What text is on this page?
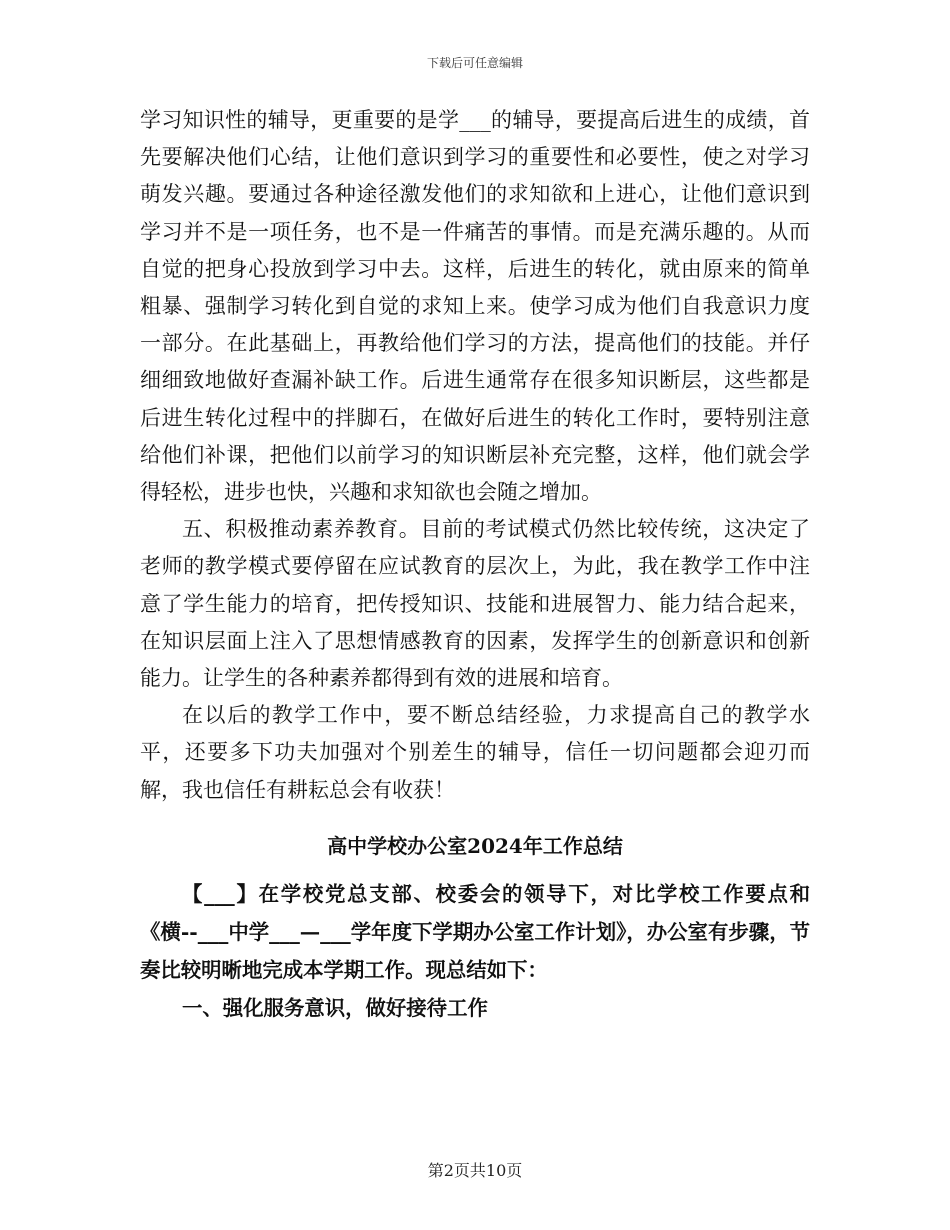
下载后可任意编辑

学习知识性的辅导，更重要的是学___的辅导，要提高后进生的成绩，首先要解决他们心结，让他们意识到学习的重要性和必要性，使之对学习萌发兴趣。要通过各种途径激发他们的求知欲和上进心，让他们意识到学习并不是一项任务，也不是一件痛苦的事情。而是充满乐趣的。从而自觉的把身心投放到学习中去。这样，后进生的转化，就由原来的简单粗暴、强制学习转化到自觉的求知上来。使学习成为他们自我意识力度一部分。在此基础上，再教给他们学习的方法，提高他们的技能。并仔细细致地做好查漏补缺工作。后进生通常存在很多知识断层，这些都是后进生转化过程中的拌脚石，在做好后进生的转化工作时，要特别注意给他们补课，把他们以前学习的知识断层补充完整，这样，他们就会学得轻松，进步也快，兴趣和求知欲也会随之增加。

五、积极推动素养教育。目前的考试模式仍然比较传统，这决定了老师的教学模式要停留在应试教育的层次上，为此，我在教学工作中注意了学生能力的培育，把传授知识、技能和进展智力、能力结合起来，在知识层面上注入了思想情感教育的因素，发挥学生的创新意识和创新能力。让学生的各种素养都得到有效的进展和培育。

在以后的教学工作中，要不断总结经验，力求提高自己的教学水平，还要多下功夫加强对个别差生的辅导，信任一切问题都会迎刃而解，我也信任有耕耘总会有收获！

高中学校办公室2024年工作总结

【___】在学校党总支部、校委会的领导下，对比学校工作要点和《横--___中学___—___学年度下学期办公室工作计划》，办公室有步骤，节奏比较明晰地完成本学期工作。现总结如下：

一、强化服务意识，做好接待工作

第2页共10页
